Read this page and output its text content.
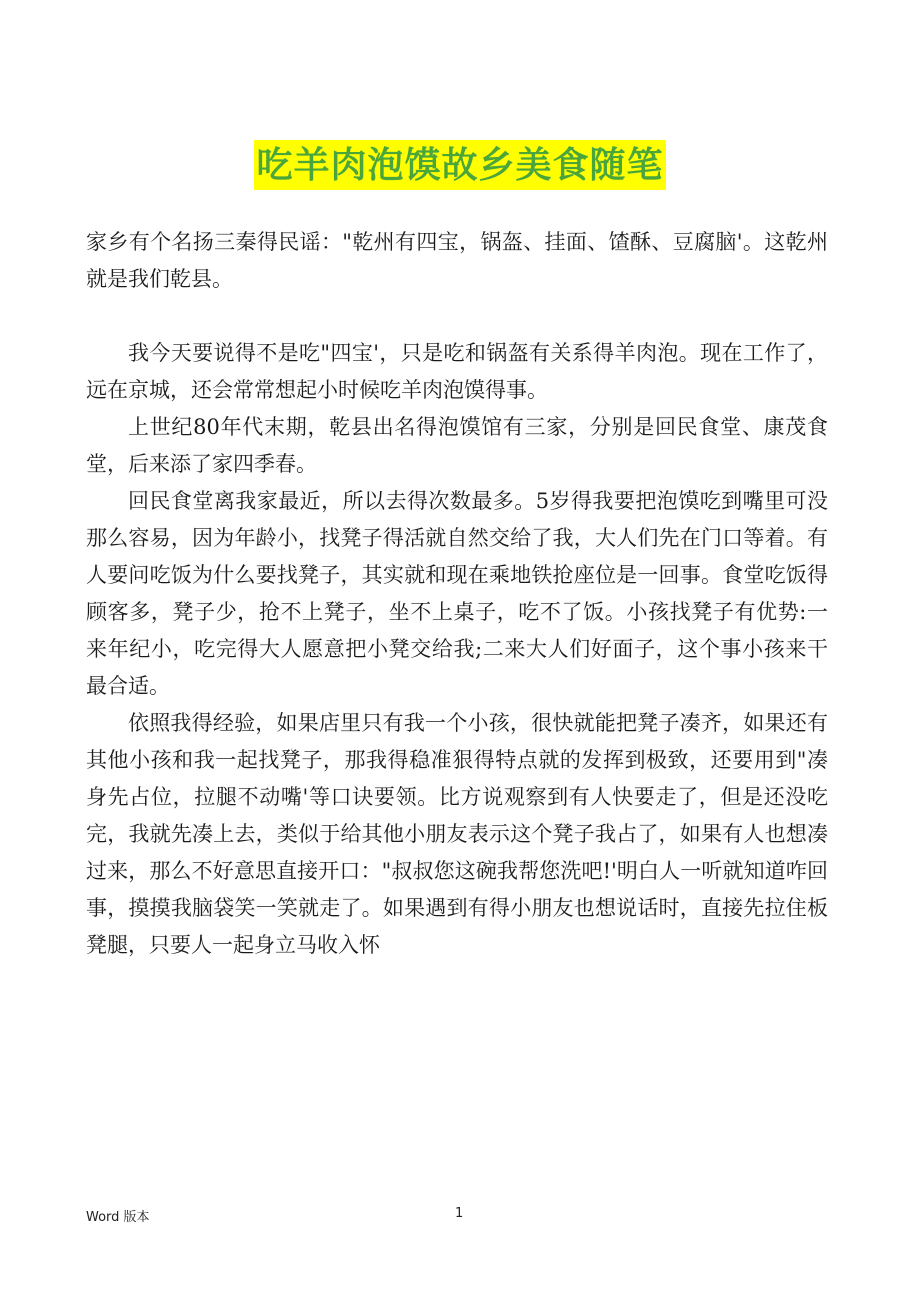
吃羊肉泡馍故乡美食随笔

家乡有个名扬三秦得民谣："乾州有四宝，锅盔、挂面、馇酥、豆腐脑'。这乾州就是我们乾县。

我今天要说得不是吃"四宝'，只是吃和锅盔有关系得羊肉泡。现在工作了，远在京城，还会常常想起小时候吃羊肉泡馍得事。

上世纪80年代末期，乾县出名得泡馍馆有三家，分别是回民食堂、康茂食堂，后来添了家四季春。

回民食堂离我家最近，所以去得次数最多。5岁得我要把泡馍吃到嘴里可没那么容易，因为年龄小，找凳子得活就自然交给了我，大人们先在门口等着。有人要问吃饭为什么要找凳子，其实就和现在乘地铁抢座位是一回事。食堂吃饭得顾客多，凳子少，抢不上凳子，坐不上桌子，吃不了饭。小孩找凳子有优势:一来年纪小，吃完得大人愿意把小凳交给我;二来大人们好面子，这个事小孩来干最合适。

依照我得经验，如果店里只有我一个小孩，很快就能把凳子凑齐，如果还有其他小孩和我一起找凳子，那我得稳准狠得特点就的发挥到极致，还要用到"凑身先占位，拉腿不动嘴'等口诀要领。比方说观察到有人快要走了，但是还没吃完，我就先凑上去，类似于给其他小朋友表示这个凳子我占了，如果有人也想凑过来，那么不好意思直接开口："叔叔您这碗我帮您洗吧!'明白人一听就知道咋回事，摸摸我脑袋笑一笑就走了。如果遇到有得小朋友也想说话时，直接先拉住板凳腿，只要人一起身立马收入怀

Word 版本	1
